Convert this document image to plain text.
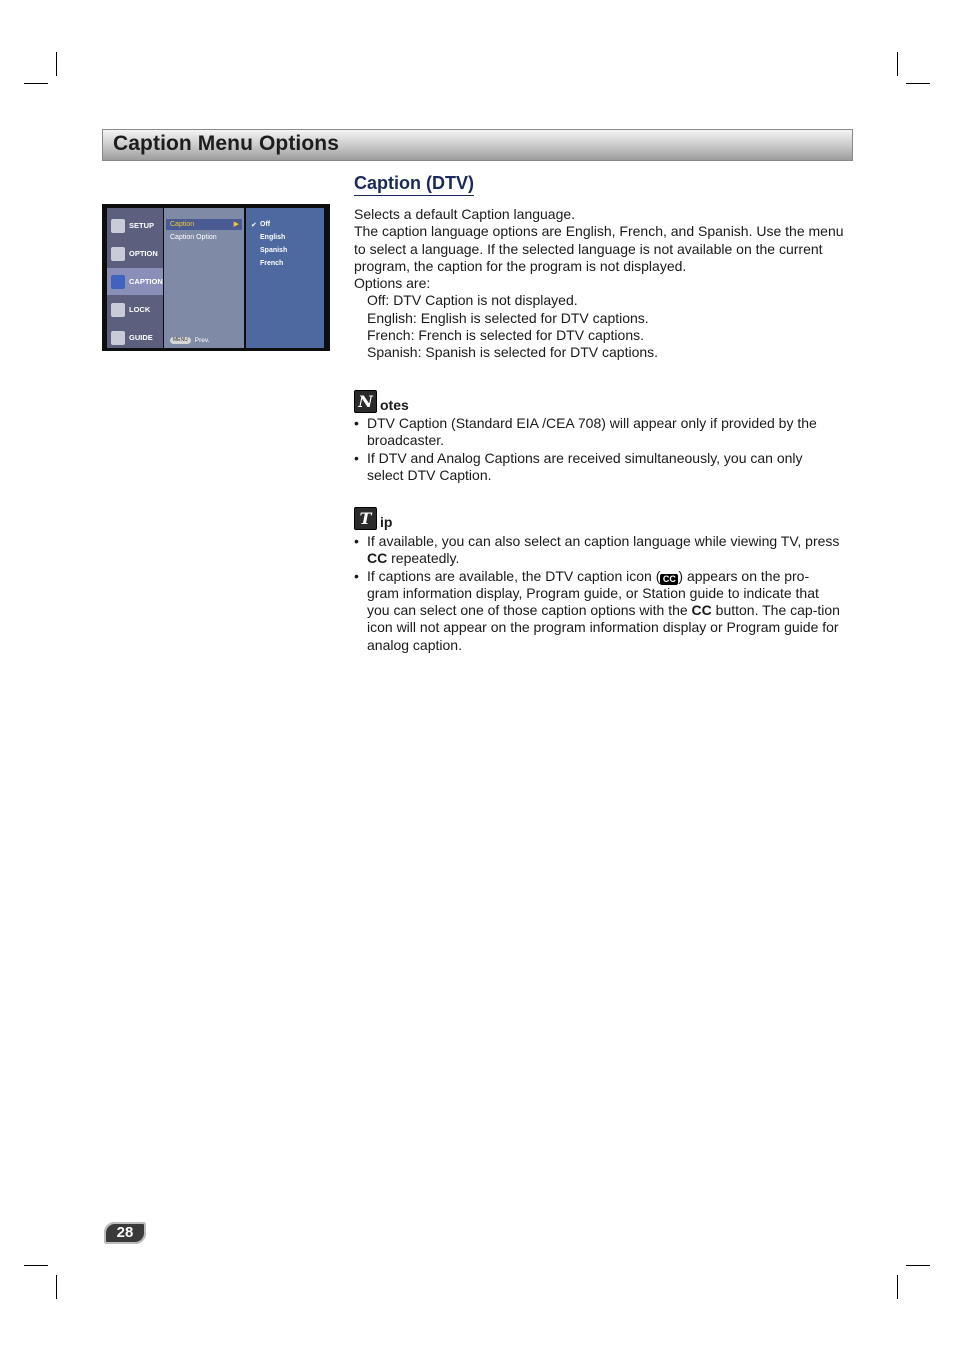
Caption Menu Options
SETUP
OPTION
CAPTION
LOCK
GUIDE
Caption	▶
Caption Option
MENU	Prev.
✔ Off
English
Spanish
French
Caption (DTV)

Selects a default Caption language.

The caption language options are English, French, and Spanish. Use the menu to select a language. If the selected language is not available on the current program, the caption for the program is not displayed.

Options are:

Off: DTV Caption is not displayed.

English: English is selected for DTV captions.

French: French is selected for DTV captions.

Spanish: Spanish is selected for DTV captions.

N otes
• DTV Caption (Standard EIA /CEA 708) will appear only if provided by the broadcaster.
• If DTV and Analog Captions are received simultaneously, you can only select DTV Caption.
T ip
• If available, you can also select an caption language while viewing TV, press CC repeatedly.
• If captions are available, the DTV caption icon ( CC ) appears on the pro-gram information display, Program guide, or Station guide to indicate that you can select one of those caption options with the CC button. The cap-tion icon will not appear on the program information display or Program guide for analog caption.
28
